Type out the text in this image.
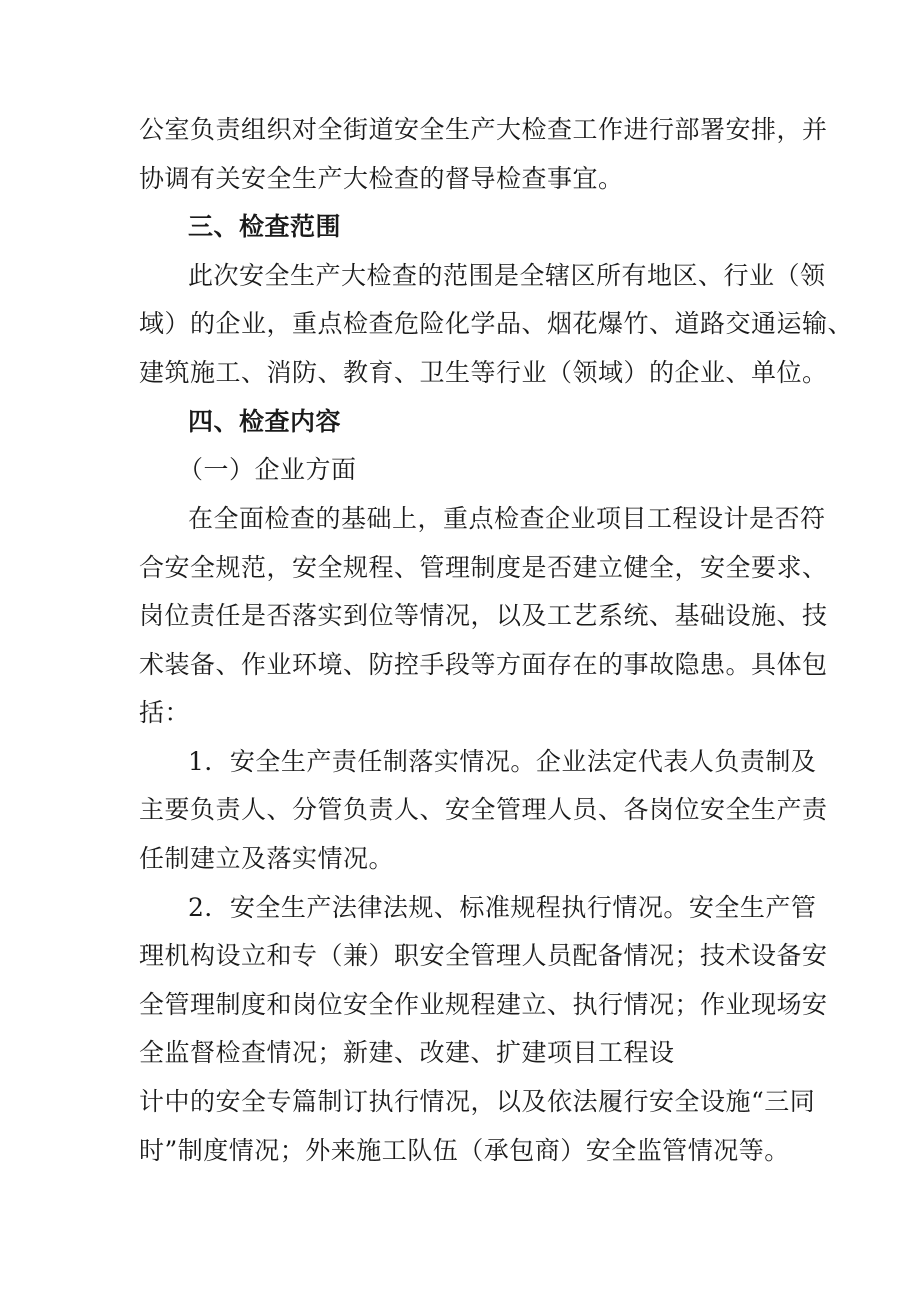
公室负责组织对全街道安全生产大检查工作进行部署安排，并
协调有关安全生产大检查的督导检查事宜。
三、检查范围
此次安全生产大检查的范围是全辖区所有地区、行业（领
域）的企业，重点检查危险化学品、烟花爆竹、道路交通运输、
建筑施工、消防、教育、卫生等行业（领域）的企业、单位。
四、检查内容
（一）企业方面
在全面检查的基础上，重点检查企业项目工程设计是否符
合安全规范，安全规程、管理制度是否建立健全，安全要求、
岗位责任是否落实到位等情况，以及工艺系统、基础设施、技
术装备、作业环境、防控手段等方面存在的事故隐患。具体包
括：
1．安全生产责任制落实情况。企业法定代表人负责制及
主要负责人、分管负责人、安全管理人员、各岗位安全生产责
任制建立及落实情况。
2．安全生产法律法规、标准规程执行情况。安全生产管
理机构设立和专（兼）职安全管理人员配备情况；技术设备安
全管理制度和岗位安全作业规程建立、执行情况；作业现场安
全监督检查情况；新建、改建、扩建项目工程设
计中的安全专篇制订执行情况，以及依法履行安全设施“三同
时”制度情况；外来施工队伍（承包商）安全监管情况等。
